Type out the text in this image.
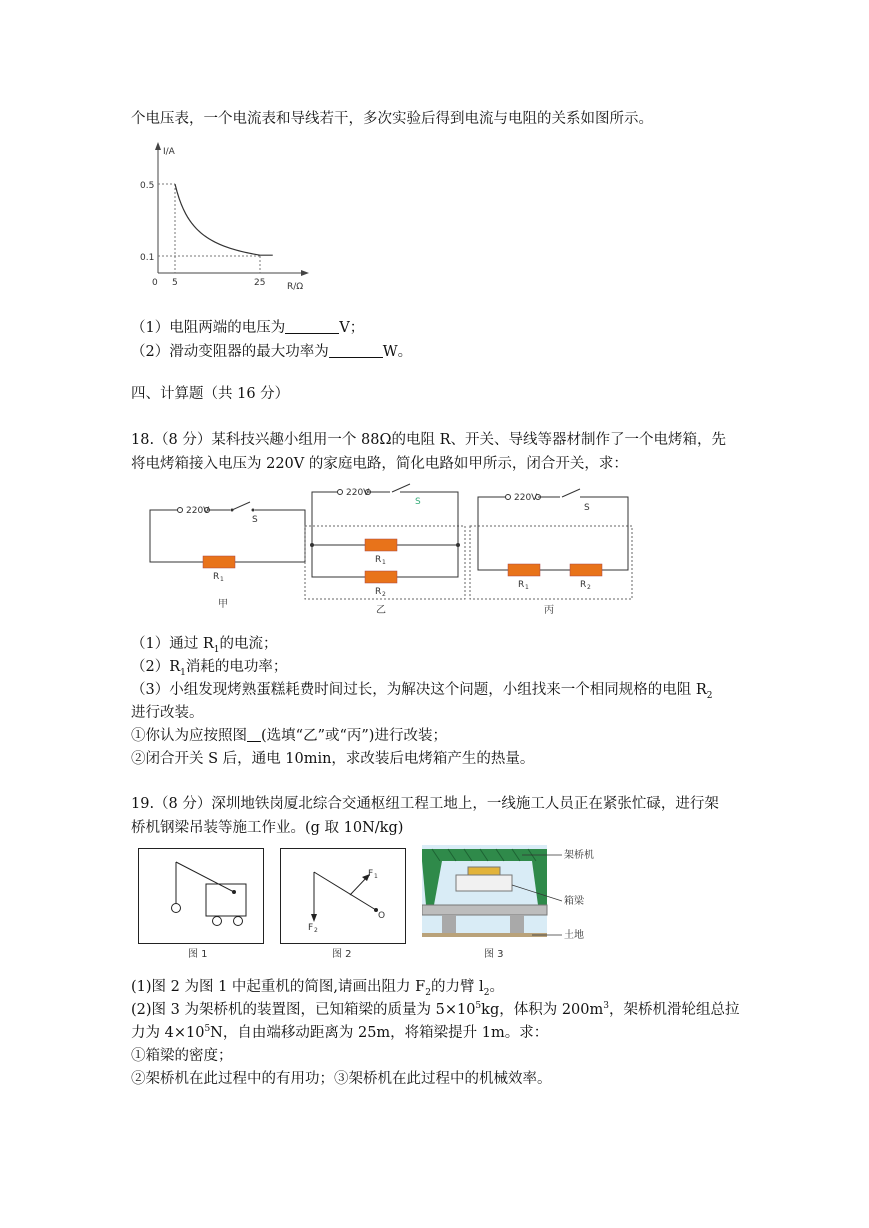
个电压表，一个电流表和导线若干，多次实验后得到电流与电阻的关系如图所示。
I/A
R/Ω
0
0.5
0.1
5	25
（1）电阻两端的电压为	V；
（2）滑动变阻器的最大功率为	W。
四、计算题（共 16 分）
18.（8 分）某科技兴趣小组用一个 88Ω的电阻 R、开关、导线等器材制作了一个电烤箱，先
将电烤箱接入电压为 220V 的家庭电路，简化电路如甲所示，闭合开关，求：
220V
S
R 1
甲
220V
S
R 1
R 2
乙
220V
S
R 1	R 2
丙
（1）通过 $R_1$的电流；
$(2)R_1$消耗的电功率；
（3）小组发现烤熟蛋糕耗费时间过长，为解决这个问题，小组找来一个相同规格的电阻 $R_2$
进行改装。
①你认为应按照图 (选填“乙”或“丙”)进行改装；
②闭合开关 S 后，通电 10min，求改装后电烤箱产生的热量。
19.（8 分）深圳地铁岗厦北综合交通枢纽工程工地上，一线施工人员正在紧张忙碌，进行架
桥机钢梁吊装等施工作业。(g 取 10N/kg)
图 1
F 1
F 2
O
图 2
架桥机
箱梁
土地
图 3
(1)图 2 为图 1 中起重机的简图,请画出阻力 $F_2$的力臂 $l_2$。
(2)图 3 为架桥机的装置图，已知箱梁的质量为 $5\times 10^5kg$，体积为 $200m^3$，架桥机滑轮组总拉
力为 $4\times 10^5N$，自由端移动距离为 25m，将箱梁提升 1m。求：
①箱梁的密度；
②架桥机在此过程中的有用功；③架桥机在此过程中的机械效率。
